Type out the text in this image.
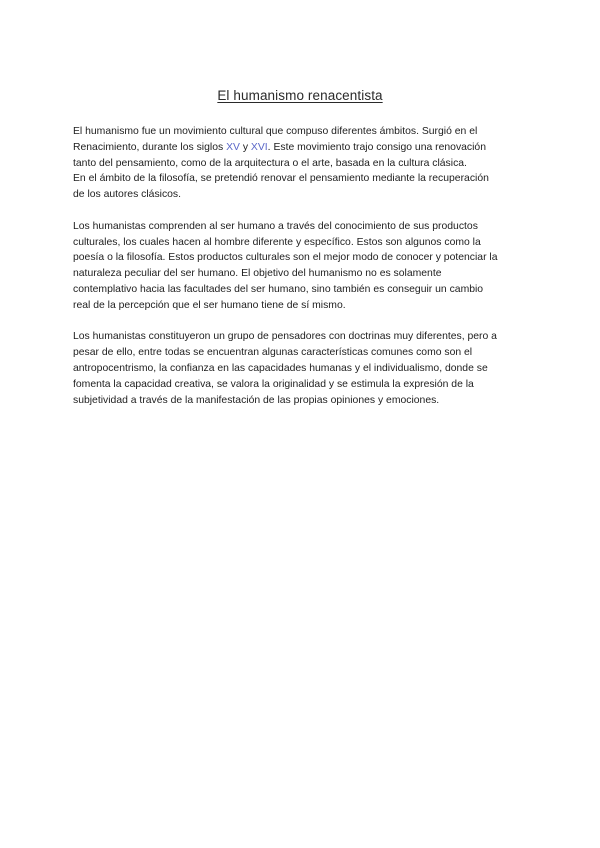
El humanismo renacentista
El humanismo fue un movimiento cultural que compuso diferentes ámbitos. Surgió en el
Renacimiento, durante los siglos XV y XVI. Este movimiento trajo consigo una renovación
tanto del pensamiento, como de la arquitectura o el arte, basada en la cultura clásica.
En el ámbito de la filosofía, se pretendió renovar el pensamiento mediante la recuperación
de los autores clásicos.
Los humanistas comprenden al ser humano a través del conocimiento de sus productos
culturales, los cuales hacen al hombre diferente y específico. Estos son algunos como la
poesía o la filosofía. Estos productos culturales son el mejor modo de conocer y potenciar la
naturaleza peculiar del ser humano. El objetivo del humanismo no es solamente
contemplativo hacia las facultades del ser humano, sino también es conseguir un cambio
real de la percepción que el ser humano tiene de sí mismo.
Los humanistas constituyeron un grupo de pensadores con doctrinas muy diferentes, pero a
pesar de ello, entre todas se encuentran algunas características comunes como son el
antropocentrismo, la confianza en las capacidades humanas y el individualismo, donde se
fomenta la capacidad creativa, se valora la originalidad y se estimula la expresión de la
subjetividad a través de la manifestación de las propias opiniones y emociones.
